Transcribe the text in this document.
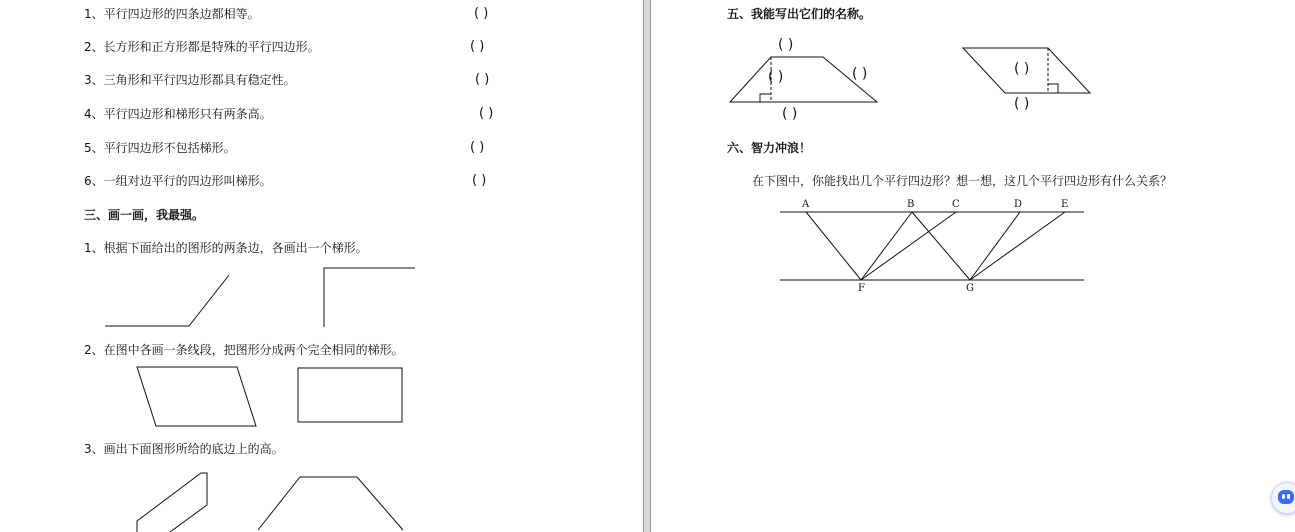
1、平行四边形的四条边都相等。	( )
2、长方形和正方形都是特殊的平行四边形。	( )
3、三角形和平行四边形都具有稳定性。	( )
4、平行四边形和梯形只有两条高。	( )
5、平行四边形不包括梯形。	( )
6、一组对边平行的四边形叫梯形。	( )
三、画一画，我最强。
1、根据下面给出的图形的两条边，各画出一个梯形。
2、在图中各画一条线段，把图形分成两个完全相同的梯形。
3、画出下面图形所给的底边上的高。
五、我能写出它们的名称。
( )
( )	( )
( )
( )
( )
六、智力冲浪！
在下图中，你能找出几个平行四边形？想一想，这几个平行四边形有什么关系？
A	B	C	D	E
F	G
